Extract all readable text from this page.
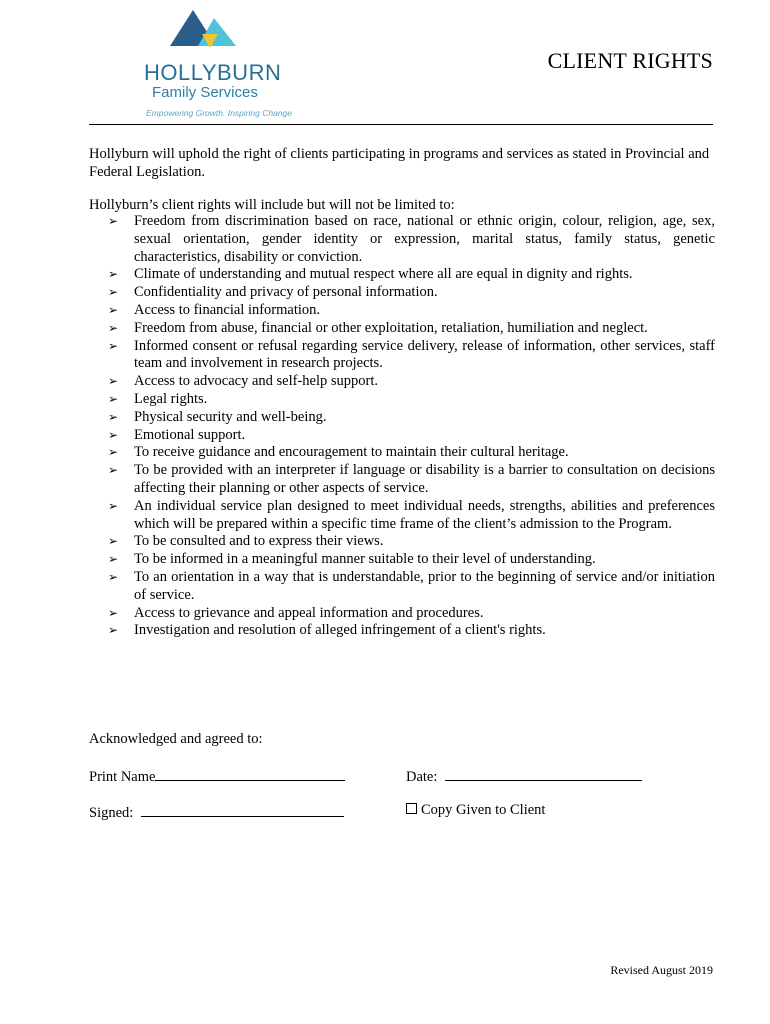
HOLLYBURN
Family Services
Empowering Growth. Inspiring Change
CLIENT RIGHTS
Hollyburn will uphold the right of clients participating in programs and services as stated in Provincial and Federal Legislation.
Hollyburn’s client rights will include but will not be limited to:
➢ Freedom from discrimination based on race, national or ethnic origin, colour, religion, age, sex, sexual orientation, gender identity or expression, marital status, family status, genetic characteristics, disability or conviction.
➢ Climate of understanding and mutual respect where all are equal in dignity and rights.
➢ Confidentiality and privacy of personal information.
➢ Access to financial information.
➢ Freedom from abuse, financial or other exploitation, retaliation, humiliation and neglect.
➢ Informed consent or refusal regarding service delivery, release of information, other services, staff team and involvement in research projects.
➢ Access to advocacy and self-help support.
➢ Legal rights.
➢ Physical security and well-being.
➢ Emotional support.
➢ To receive guidance and encouragement to maintain their cultural heritage.
➢ To be provided with an interpreter if language or disability is a barrier to consultation on decisions affecting their planning or other aspects of service.
➢ An individual service plan designed to meet individual needs, strengths, abilities and preferences which will be prepared within a specific time frame of the client’s admission to the Program.
➢ To be consulted and to express their views.
➢ To be informed in a meaningful manner suitable to their level of understanding.
➢ To an orientation in a way that is understandable, prior to the beginning of service and/or initiation of service.
➢ Access to grievance and appeal information and procedures.
➢ Investigation and resolution of alleged infringement of a client's rights.
Acknowledged and agreed to:
Print Name	Date:
Signed:	Copy Given to Client
Revised August 2019
